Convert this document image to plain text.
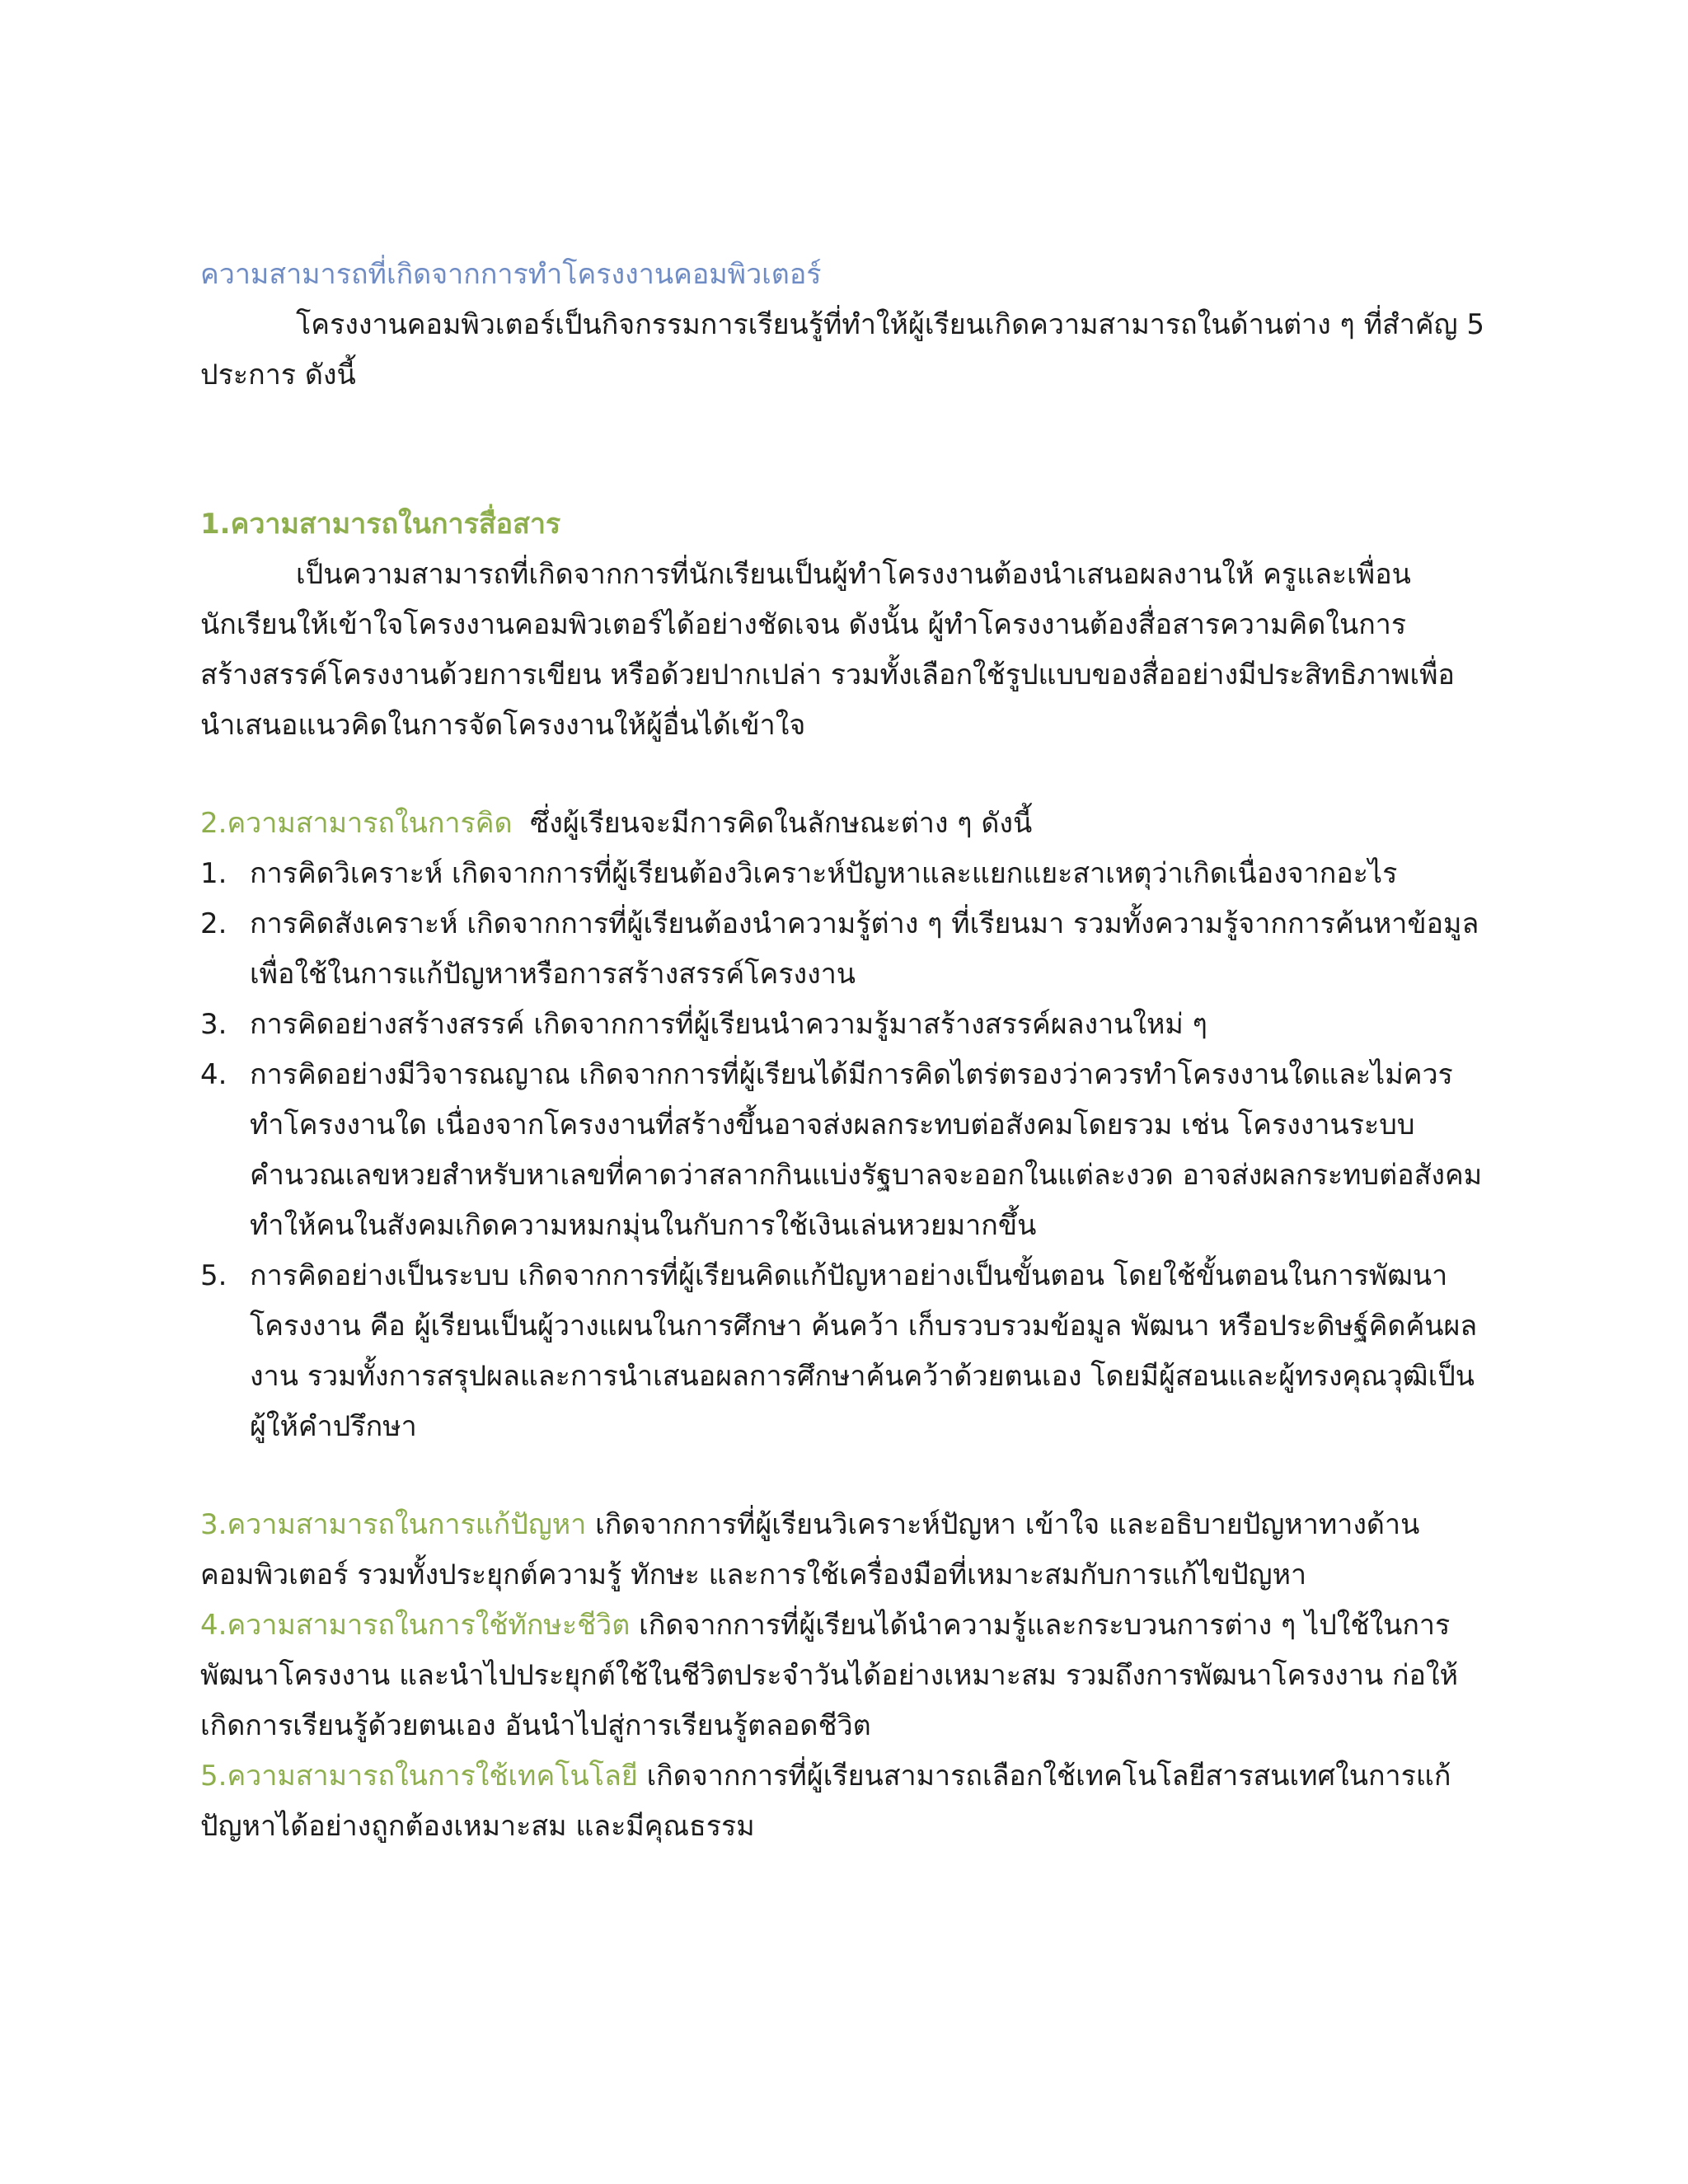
ความสามารถที่เกิดจากการทำโครงงานคอมพิวเตอร์

โครงงานคอมพิวเตอร์เป็นกิจกรรมการเรียนรู้ที่ทำให้ผู้เรียนเกิดความสามารถในด้านต่าง ๆ ที่สำคัญ 5 ประการ ดังนี้

1.ความสามารถในการสื่อสาร

เป็นความสามารถที่เกิดจากการที่นักเรียนเป็นผู้ทำโครงงานต้องนำเสนอผลงานให้ ครูและเพื่อนนักเรียนให้เข้าใจโครงงานคอมพิวเตอร์ได้อย่างชัดเจน ดังนั้น ผู้ทำโครงงานต้องสื่อสารความคิดในการสร้างสรรค์โครงงานด้วยการเขียน หรือด้วยปากเปล่า รวมทั้งเลือกใช้รูปแบบของสื่ออย่างมีประสิทธิภาพเพื่อนำเสนอแนวคิดในการจัดโครงงานให้ผู้อื่นได้เข้าใจ

2.ความสามารถในการคิด ซึ่งผู้เรียนจะมีการคิดในลักษณะต่าง ๆ ดังนี้

1. การคิดวิเคราะห์ เกิดจากการที่ผู้เรียนต้องวิเคราะห์ปัญหาและแยกแยะสาเหตุว่าเกิดเนื่องจากอะไร
2. การคิดสังเคราะห์ เกิดจากการที่ผู้เรียนต้องนำความรู้ต่าง ๆ ที่เรียนมา รวมทั้งความรู้จากการค้นหาข้อมูลเพื่อใช้ในการแก้ปัญหาหรือการสร้างสรรค์โครงงาน
3. การคิดอย่างสร้างสรรค์ เกิดจากการที่ผู้เรียนนำความรู้มาสร้างสรรค์ผลงานใหม่ ๆ
4. การคิดอย่างมีวิจารณญาณ เกิดจากการที่ผู้เรียนได้มีการคิดไตร่ตรองว่าควรทำโครงงานใดและไม่ควรทำโครงงานใด เนื่องจากโครงงานที่สร้างขึ้นอาจส่งผลกระทบต่อสังคมโดยรวม เช่น โครงงานระบบคำนวณเลขหวยสำหรับหาเลขที่คาดว่าสลากกินแบ่งรัฐบาลจะออกในแต่ละงวด อาจส่งผลกระทบต่อสังคม ทำให้คนในสังคมเกิดความหมกมุ่นในกับการใช้เงินเล่นหวยมากขึ้น
5. การคิดอย่างเป็นระบบ เกิดจากการที่ผู้เรียนคิดแก้ปัญหาอย่างเป็นขั้นตอน โดยใช้ขั้นตอนในการพัฒนาโครงงาน คือ ผู้เรียนเป็นผู้วางแผนในการศึกษา ค้นคว้า เก็บรวบรวมข้อมูล พัฒนา หรือประดิษฐ์คิดค้นผลงาน รวมทั้งการสรุปผลและการนำเสนอผลการศึกษาค้นคว้าด้วยตนเอง โดยมีผู้สอนและผู้ทรงคุณวุฒิเป็นผู้ให้คำปรึกษา

3.ความสามารถในการแก้ปัญหา เกิดจากการที่ผู้เรียนวิเคราะห์ปัญหา เข้าใจ และอธิบายปัญหาทางด้านคอมพิวเตอร์ รวมทั้งประยุกต์ความรู้ ทักษะ และการใช้เครื่องมือที่เหมาะสมกับการแก้ไขปัญหา

4.ความสามารถในการใช้ทักษะชีวิต เกิดจากการที่ผู้เรียนได้นำความรู้และกระบวนการต่าง ๆ ไปใช้ในการพัฒนาโครงงาน และนำไปประยุกต์ใช้ในชีวิตประจำวันได้อย่างเหมาะสม รวมถึงการพัฒนาโครงงาน ก่อให้เกิดการเรียนรู้ด้วยตนเอง อันนำไปสู่การเรียนรู้ตลอดชีวิต

5.ความสามารถในการใช้เทคโนโลยี เกิดจากการที่ผู้เรียนสามารถเลือกใช้เทคโนโลยีสารสนเทศในการแก้ปัญหาได้อย่างถูกต้องเหมาะสม และมีคุณธรรม
